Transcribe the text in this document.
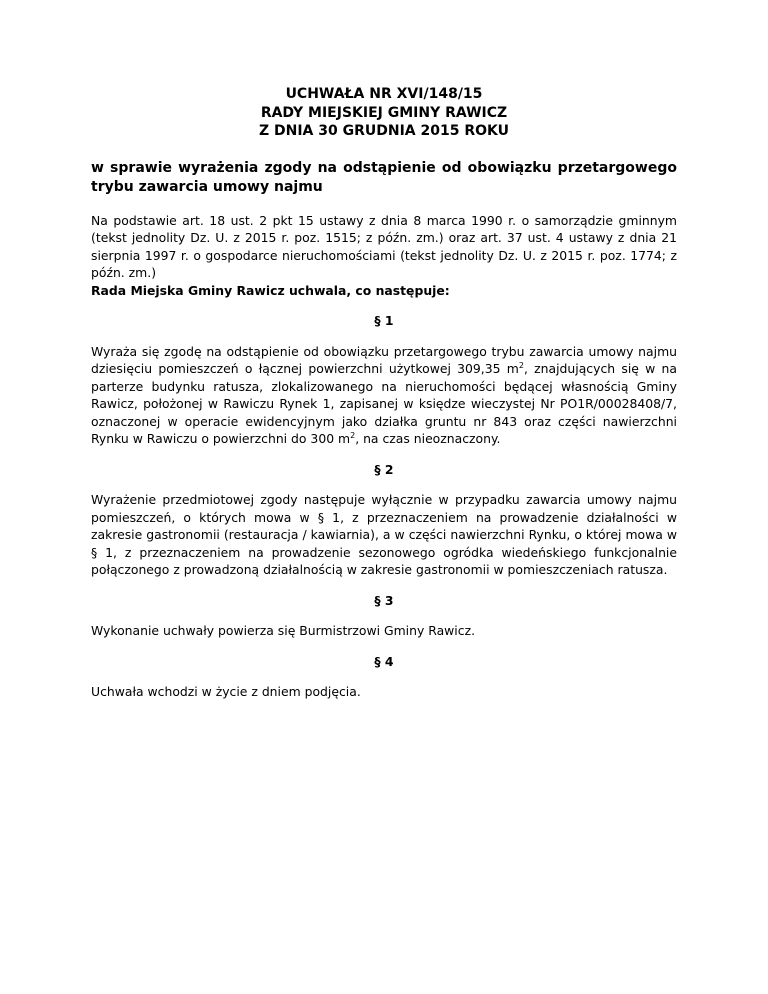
UCHWAŁA NR XVI/148/15
RADY MIEJSKIEJ GMINY RAWICZ
Z DNIA 30 GRUDNIA 2015 ROKU
w sprawie wyrażenia zgody na odstąpienie od obowiązku przetargowego trybu zawarcia umowy najmu

Na podstawie art. 18 ust. 2 pkt 15 ustawy z dnia 8 marca 1990 r. o samorządzie gminnym (tekst jednolity Dz. U. z 2015 r. poz. 1515; z późn. zm.) oraz art. 37 ust. 4 ustawy z dnia 21 sierpnia 1997 r. o gospodarce nieruchomościami (tekst jednolity Dz. U. z 2015 r. poz. 1774; z późn. zm.)

Rada Miejska Gminy Rawicz uchwala, co następuje:
§ 1

Wyraża się zgodę na odstąpienie od obowiązku przetargowego trybu zawarcia umowy najmu dziesięciu pomieszczeń o łącznej powierzchni użytkowej 309,35 $m^2$, znajdujących się w na parterze budynku ratusza, zlokalizowanego na nieruchomości będącej własnością Gminy Rawicz, położonej w Rawiczu Rynek 1, zapisanej w księdze wieczystej Nr PO1R/00028408/7, oznaczonej w operacie ewidencyjnym jako działka gruntu nr 843 oraz części nawierzchni Rynku w Rawiczu o powierzchni do 300 $m^2$, na czas nieoznaczony.

§ 2

Wyrażenie przedmiotowej zgody następuje wyłącznie w przypadku zawarcia umowy najmu pomieszczeń, o których mowa w § 1, z przeznaczeniem na prowadzenie działalności w zakresie gastronomii (restauracja / kawiarnia), a w części nawierzchni Rynku, o której mowa w § 1, z przeznaczeniem na prowadzenie sezonowego ogródka wiedeńskiego funkcjonalnie połączonego z prowadzoną działalnością w zakresie gastronomii w pomieszczeniach ratusza.

§ 3

Wykonanie uchwały powierza się Burmistrzowi Gminy Rawicz.

§ 4

Uchwała wchodzi w życie z dniem podjęcia.
